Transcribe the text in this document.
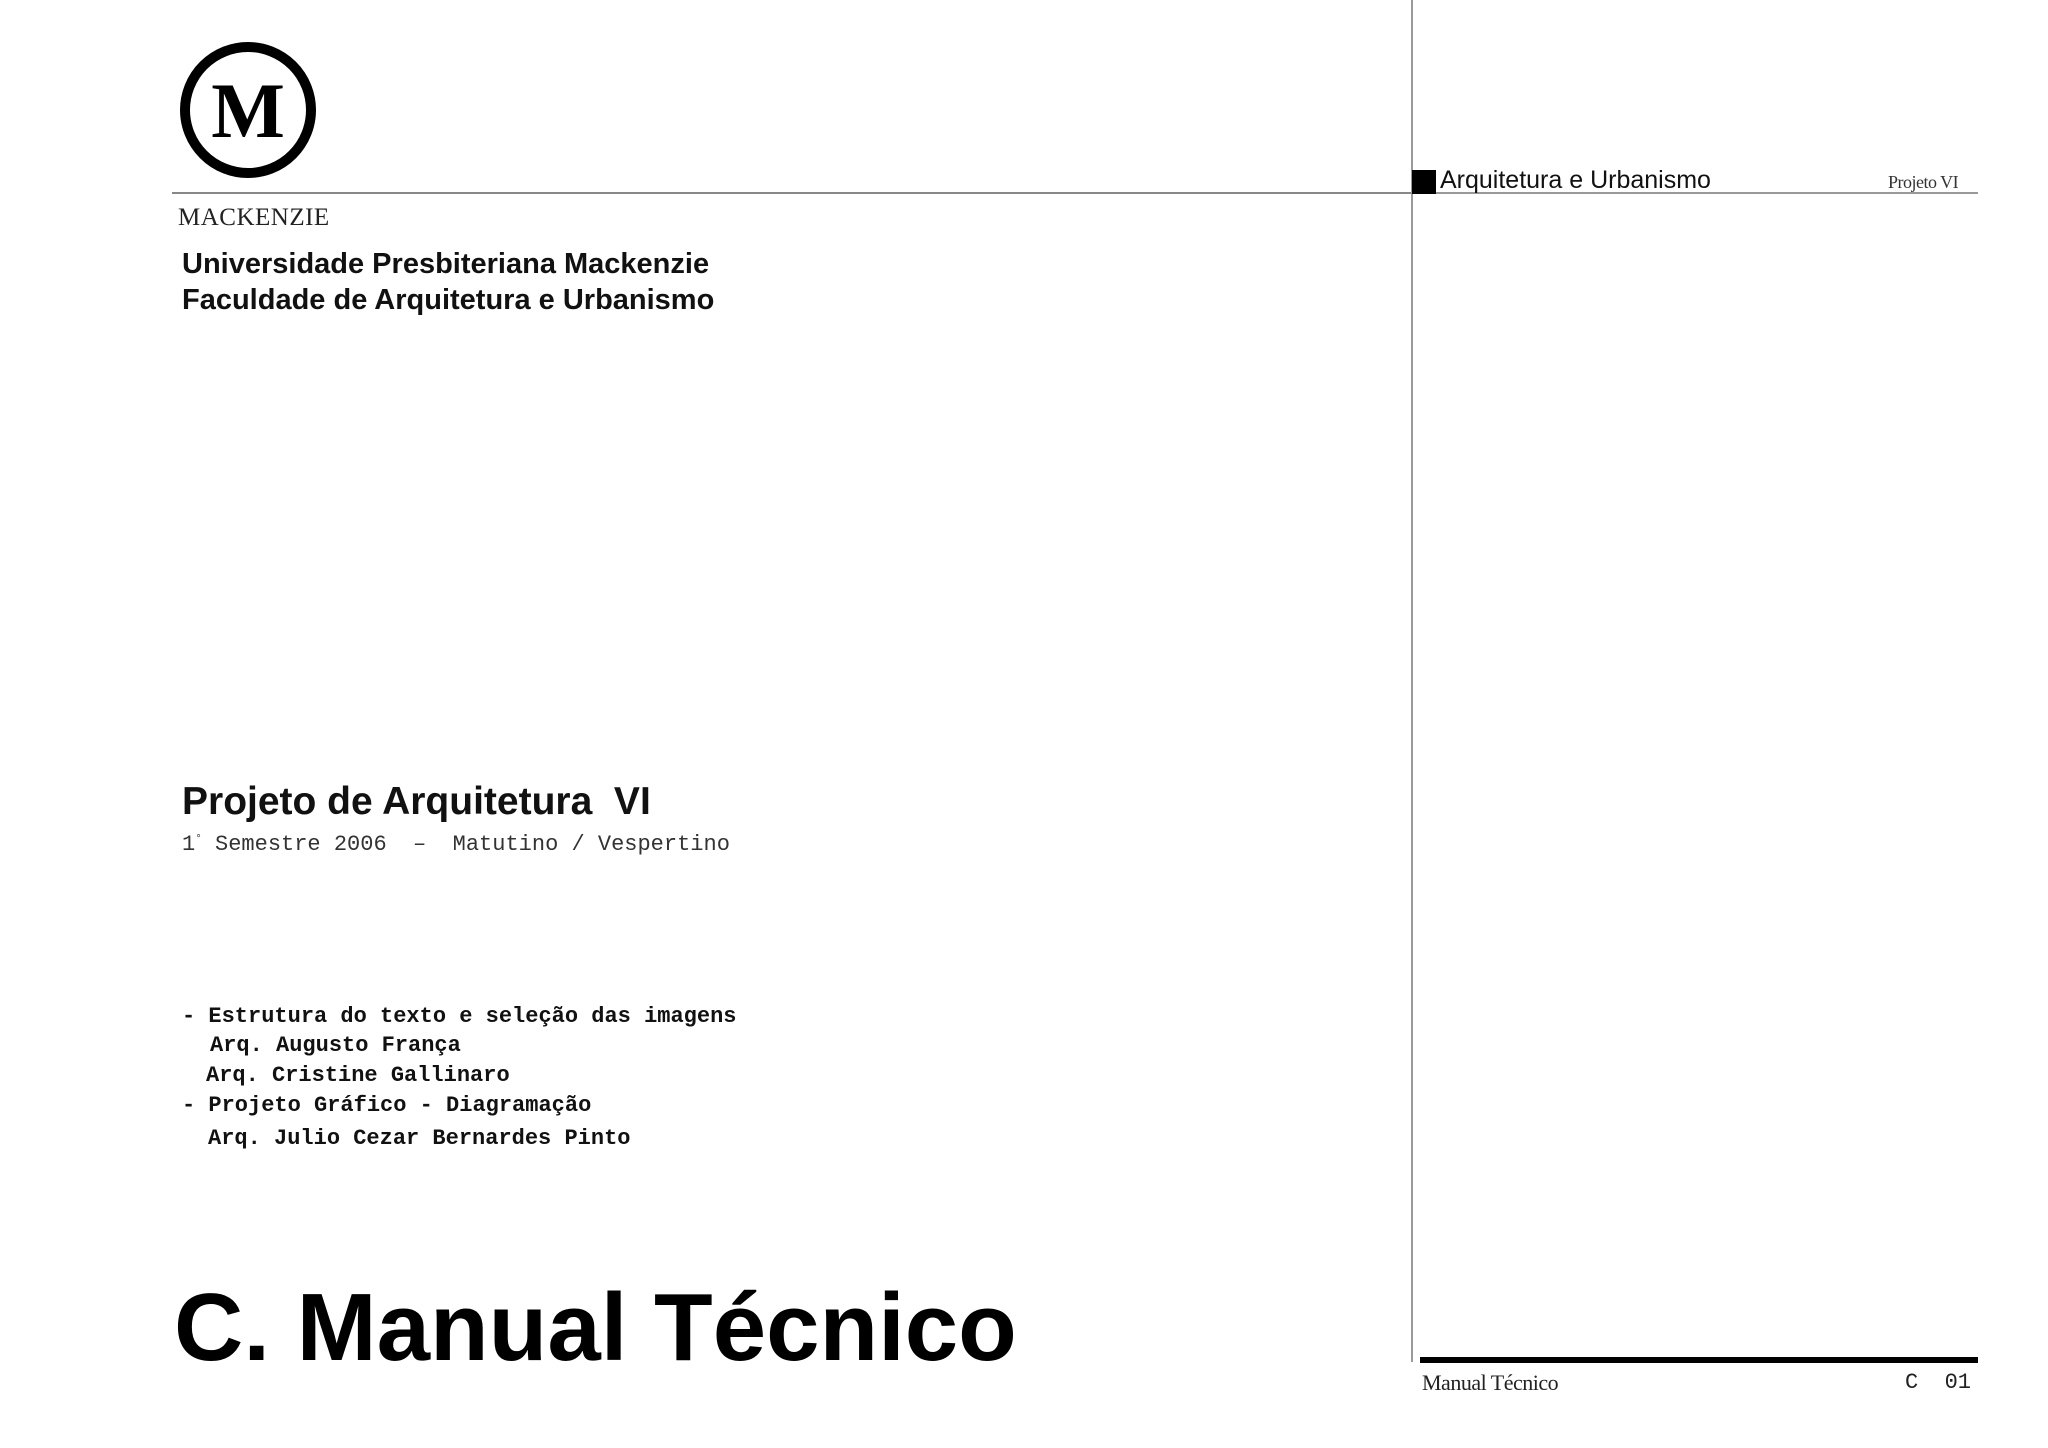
M
MACKENZIE
Universidade Presbiteriana Mackenzie
Faculdade de Arquitetura e Urbanismo
Projeto de Arquitetura  VI
1° Semestre 2006  –  Matutino / Vespertino
- Estrutura do texto e seleção das imagens
Arq. Augusto França
Arq. Cristine Gallinaro
- Projeto Gráfico - Diagramação
Arq. Julio Cezar Bernardes Pinto
C. Manual Técnico
Arquitetura e Urbanismo	Projeto VI
Manual Técnico	C  01
